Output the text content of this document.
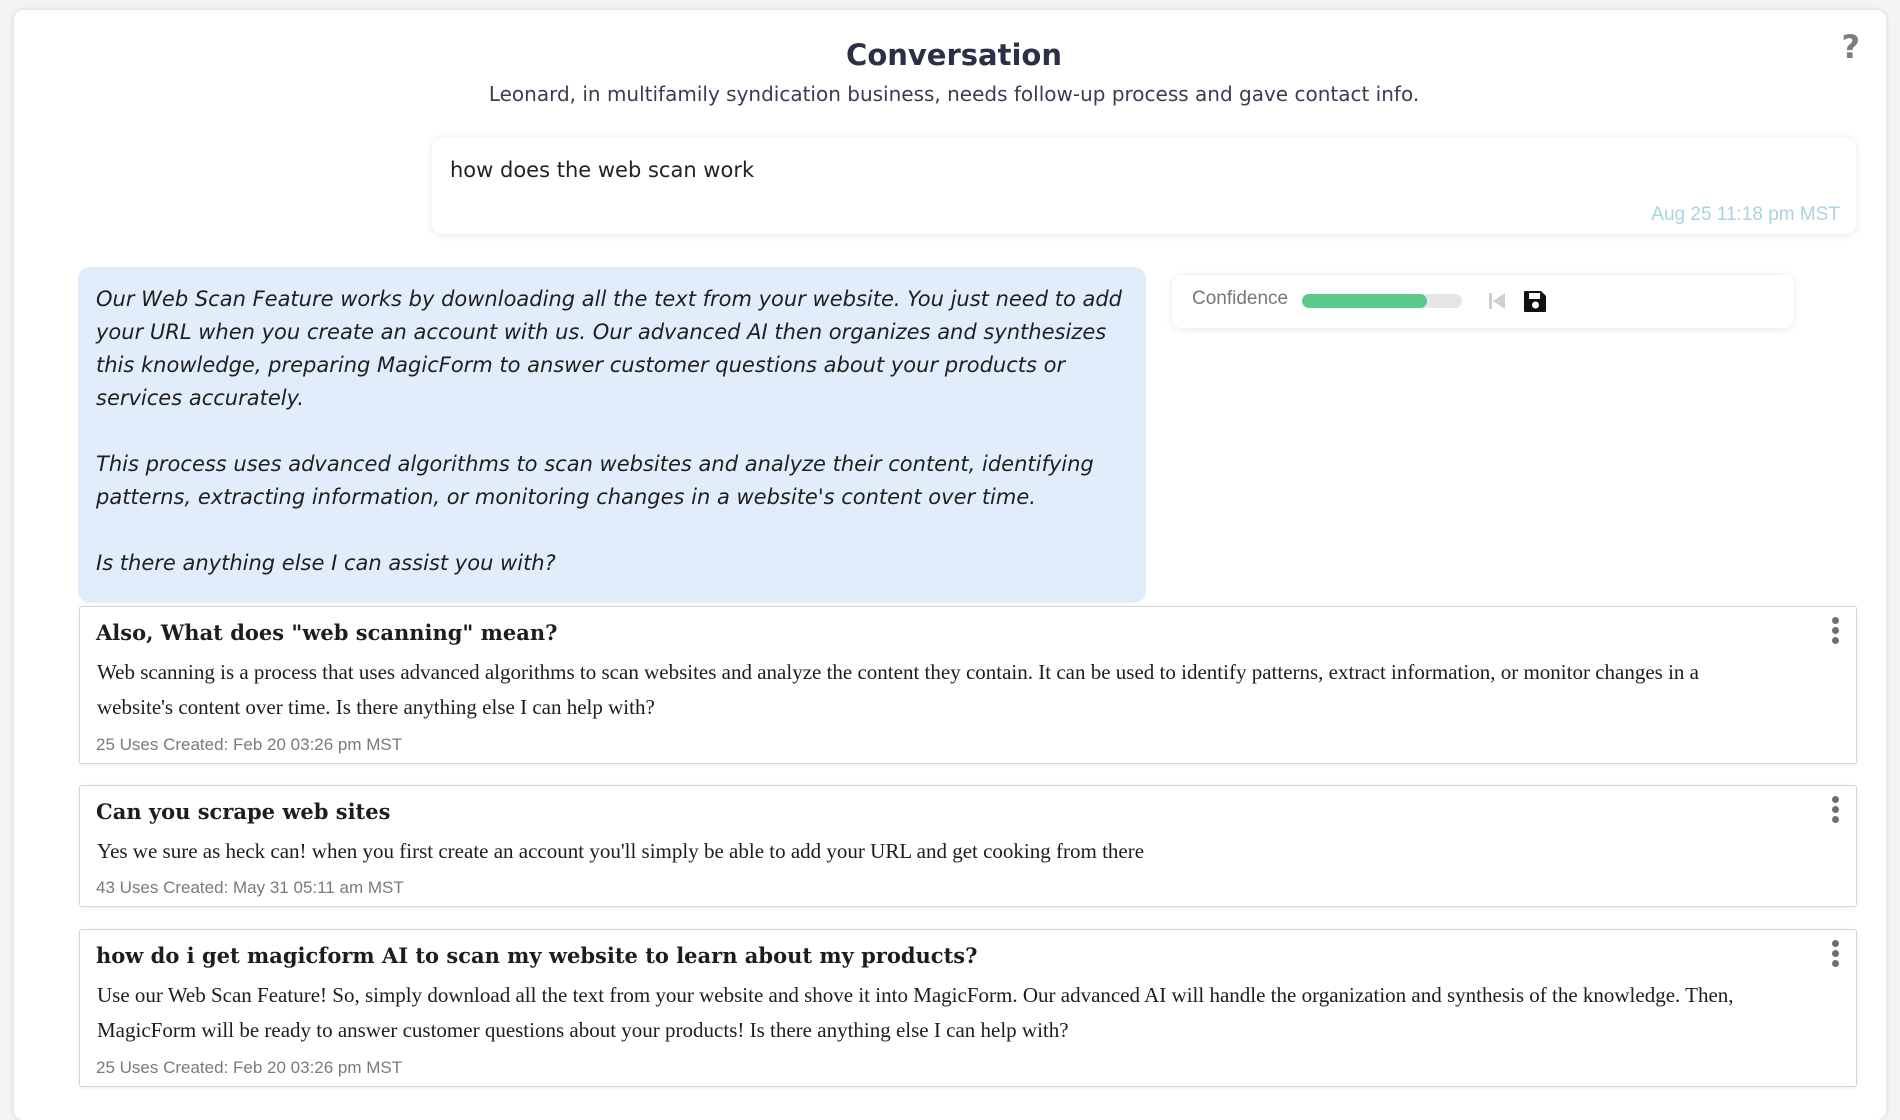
?
Conversation
Leonard, in multifamily syndication business, needs follow-up process and gave contact info.
how does the web scan work
Aug 25 11:18 pm MST

Our Web Scan Feature works by downloading all the text from your website. You just need to add your URL when you create an account with us. Our advanced AI then organizes and synthesizes this knowledge, preparing MagicForm to answer customer questions about your products or services accurately.

This process uses advanced algorithms to scan websites and analyze their content, identifying patterns, extracting information, or monitoring changes in a website's content over time.

Is there anything else I can assist you with?

Confidence
Also, What does "web scanning" mean?
Web scanning is a process that uses advanced algorithms to scan websites and analyze the content they contain. It can be used to identify patterns, extract information, or monitor changes in a website's content over time. Is there anything else I can help with?
25 Uses Created: Feb 20 03:26 pm MST
Can you scrape web sites
Yes we sure as heck can! when you first create an account you'll simply be able to add your URL and get cooking from there
43 Uses Created: May 31 05:11 am MST
how do i get magicform AI to scan my website to learn about my products?
Use our Web Scan Feature! So, simply download all the text from your website and shove it into MagicForm. Our advanced AI will handle the organization and synthesis of the knowledge. Then, MagicForm will be ready to answer customer questions about your products! Is there anything else I can help with?
25 Uses Created: Feb 20 03:26 pm MST
